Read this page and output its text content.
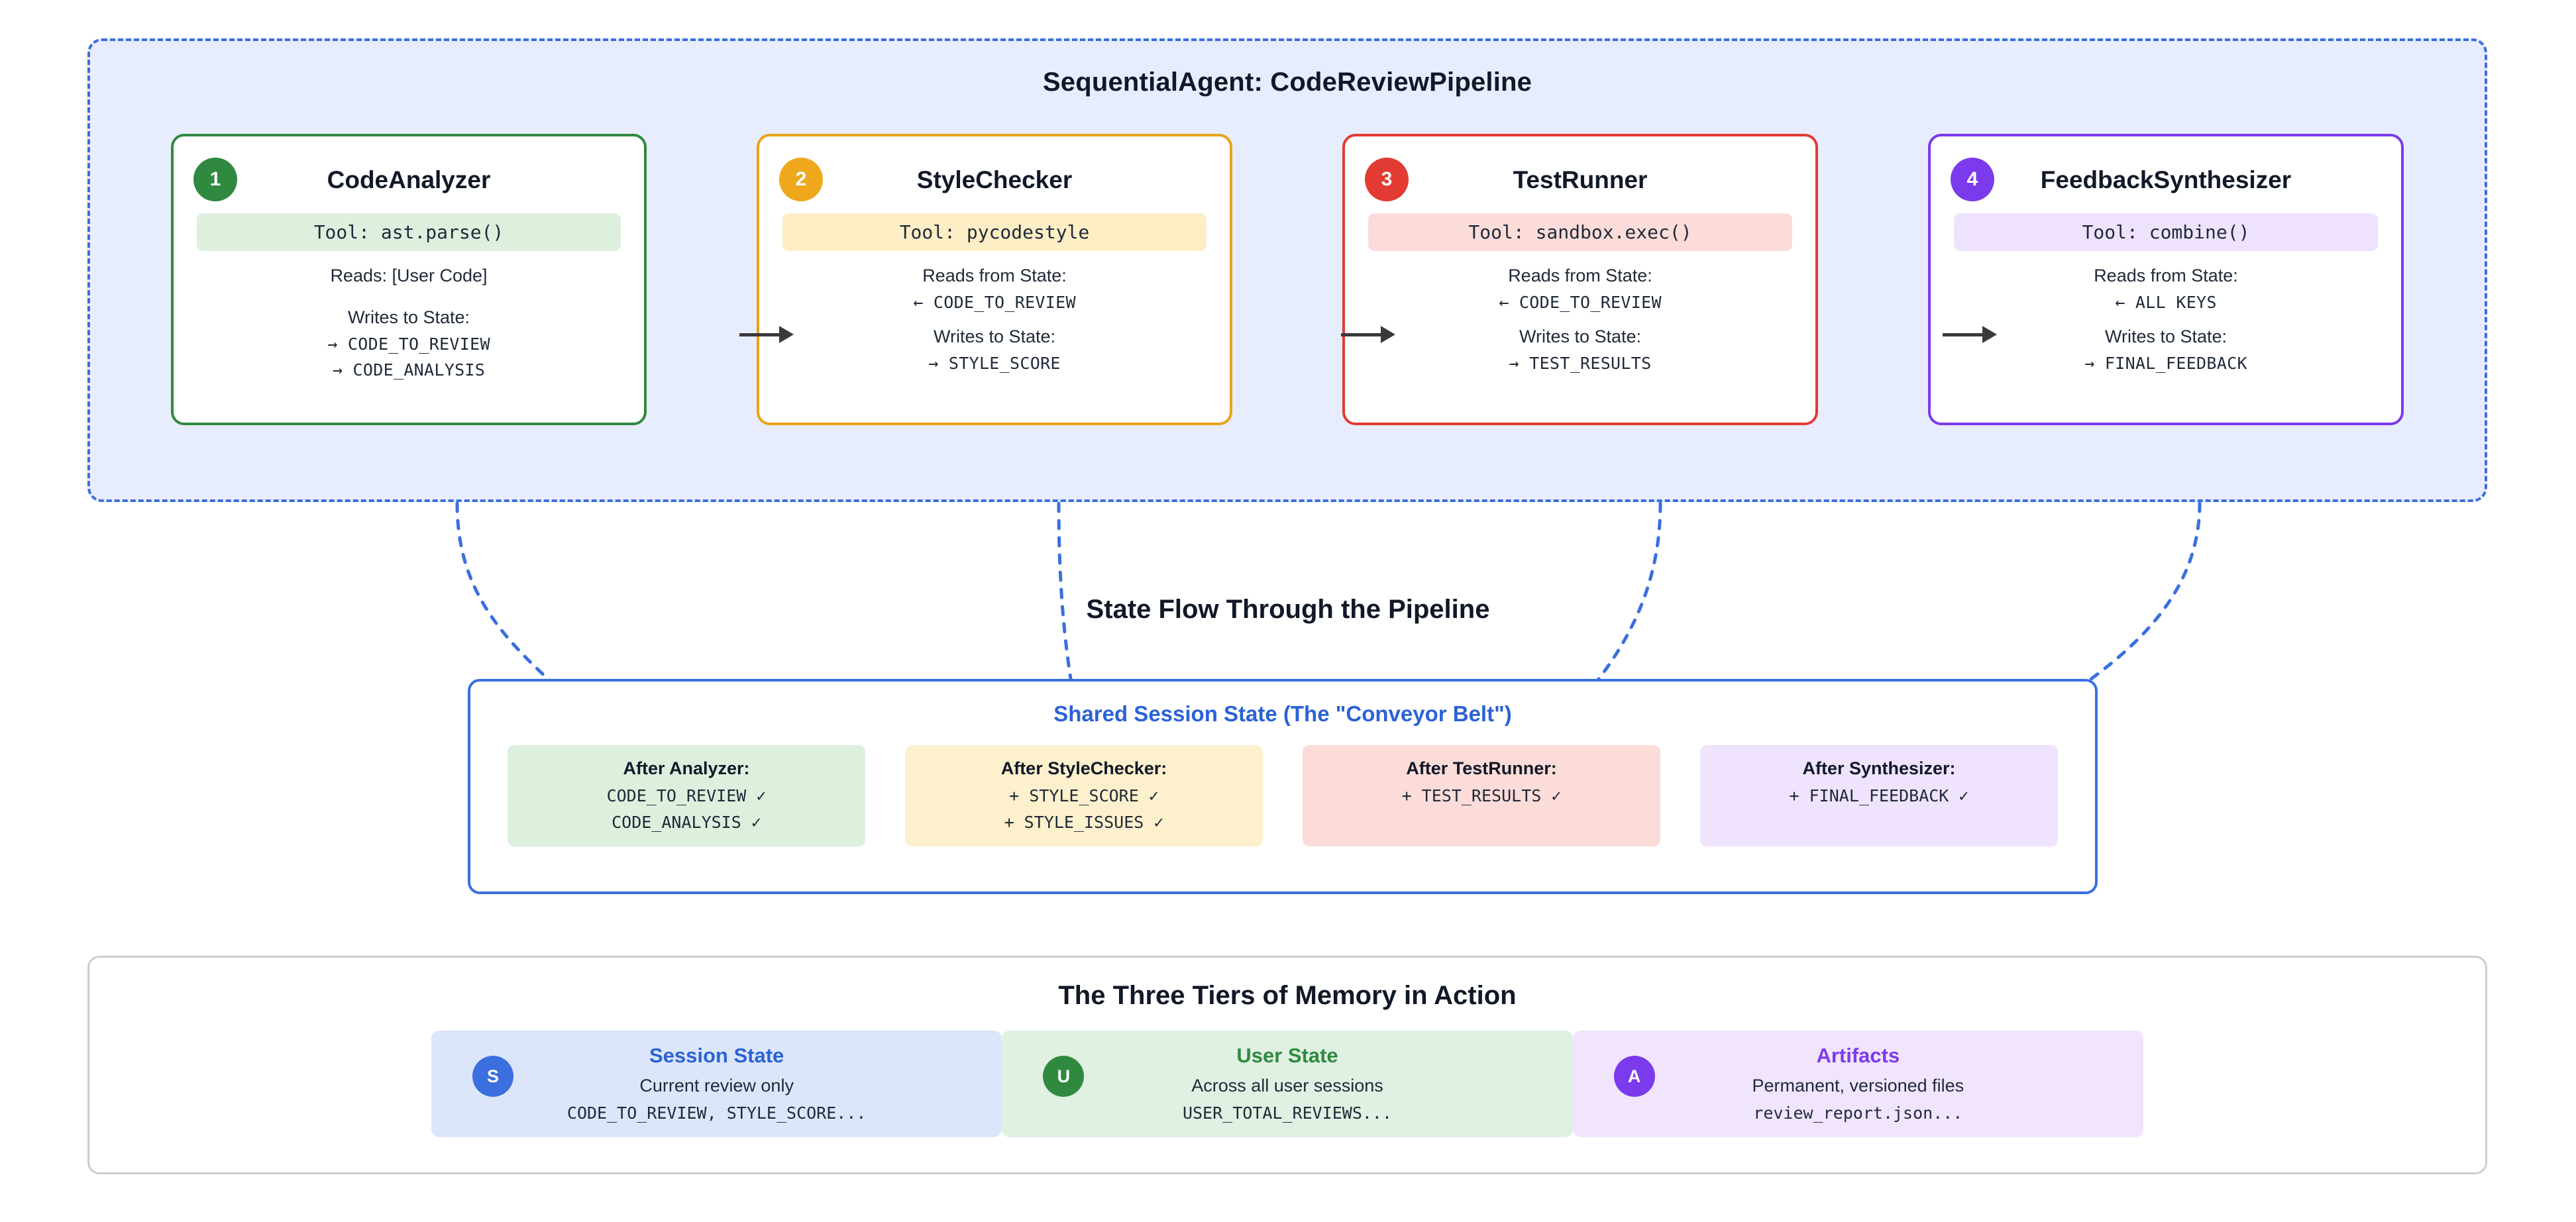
SequentialAgent: CodeReviewPipeline
1	CodeAnalyzer
Tool: ast.parse()
Reads: [User Code]
Writes to State:
→ CODE_TO_REVIEW
→ CODE_ANALYSIS
2	StyleChecker
Tool: pycodestyle
Reads from State:
← CODE_TO_REVIEW
Writes to State:
→ STYLE_SCORE
3	TestRunner
Tool: sandbox.exec()
Reads from State:
← CODE_TO_REVIEW
Writes to State:
→ TEST_RESULTS
4	FeedbackSynthesizer
Tool: combine()
Reads from State:
← ALL KEYS
Writes to State:
→ FINAL_FEEDBACK
State Flow Through the Pipeline
Shared Session State (The "Conveyor Belt")
After Analyzer:
CODE_TO_REVIEW ✓
CODE_ANALYSIS ✓
After StyleChecker:
+ STYLE_SCORE ✓
+ STYLE_ISSUES ✓
After TestRunner:
+ TEST_RESULTS ✓
After Synthesizer:
+ FINAL_FEEDBACK ✓
The Three Tiers of Memory in Action
S
Session State
Current review only
CODE_TO_REVIEW, STYLE_SCORE...
U
User State
Across all user sessions
USER_TOTAL_REVIEWS...
A
Artifacts
Permanent, versioned files
review_report.json...
